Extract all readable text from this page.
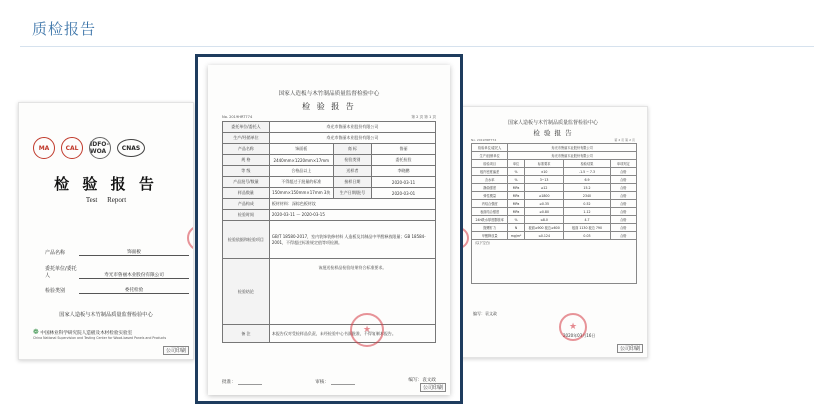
质检报告
MA	CAL	IDFO-WOA	CNAS
检 验 报 告
Test Report
产品名称	饰面板
委托单位/委托人	寿光市鲁丽木业股份有限公司
检验类别	委托检验
国家人造板与木竹制品质量监督检验中心
❁ 中国林业科学研究院人造板及木材检验实验室
China National Supervision and Testing Center for Wood-based Panels and Products
★
公司印刷
国家人造板与木竹制品质量监督检验中心
检 验 报 告
No. 2019HRT774	第 2 页 第 2 页
检验单位/委托人	寿光市鲁丽木业股份有限公司			
生产/经销单位	寿光市鲁丽木业股份有限公司			
检验项目	单位	标准要求	检验结果	单项判定
板内密度偏差	%	±10	-1.5 ~ 7.3	合格
含水率	%	3~13	6.9	合格
静曲强度	MPa	≥12	15.2	合格
弹性模量	MPa	≥1800	2340	合格
内结合强度	MPa	≥0.35	0.52	合格
表面结合强度	MPa	≥0.80	1.12	合格
24h吸水厚度膨胀率	%	≤8.0	4.7	合格
握螺钉力	N	板面≥900 板边≥600	板面 1130 板边 790	合格
甲醛释放量	mg/m³	≤0.124	0.03	合格
（以下空白）				
编写：袁文政
2020年03月16日
★
★
公司印刷
国家人造板与木竹制品质量监督检验中心
检 验 报 告
No. 2019HRT774	第 2 页 第 1 页
委托单位/委托人	寿光市鲁丽木业股份有限公司		
生产/经销单位	寿光市鲁丽木业股份有限公司		
产品名称	饰面板	商 标	鲁丽
规 格	2440mm×1220mm×17mm	检验类别	委托检验
等 级	合格品以上	送样者	李晓鹏
产品批号/数量	不得超过于批量的标准	接样日期	2020-03-11
样品数量	150mm×150mm×17mm 3块	生产日期/批号	2020-03-01
产品构成	板材材料：深棕色板材纹		
检验时间	2020-03-11 ～ 2020-03-15		
检验依据和检验项目	GB/T 18580-2017，室内装饰装修材料 人造板及其制品中甲醛释放限量；GB 18584-2001，不得超过标准规定值等项检测。		
检验结论	该批送检样品检验结果符合标准要求。		
备 注	本报告仅对受检样品负责，未经检验中心书面批准，不得复制本报告。		
★
批准：	审核：	编写：袁文政
公司印刷
